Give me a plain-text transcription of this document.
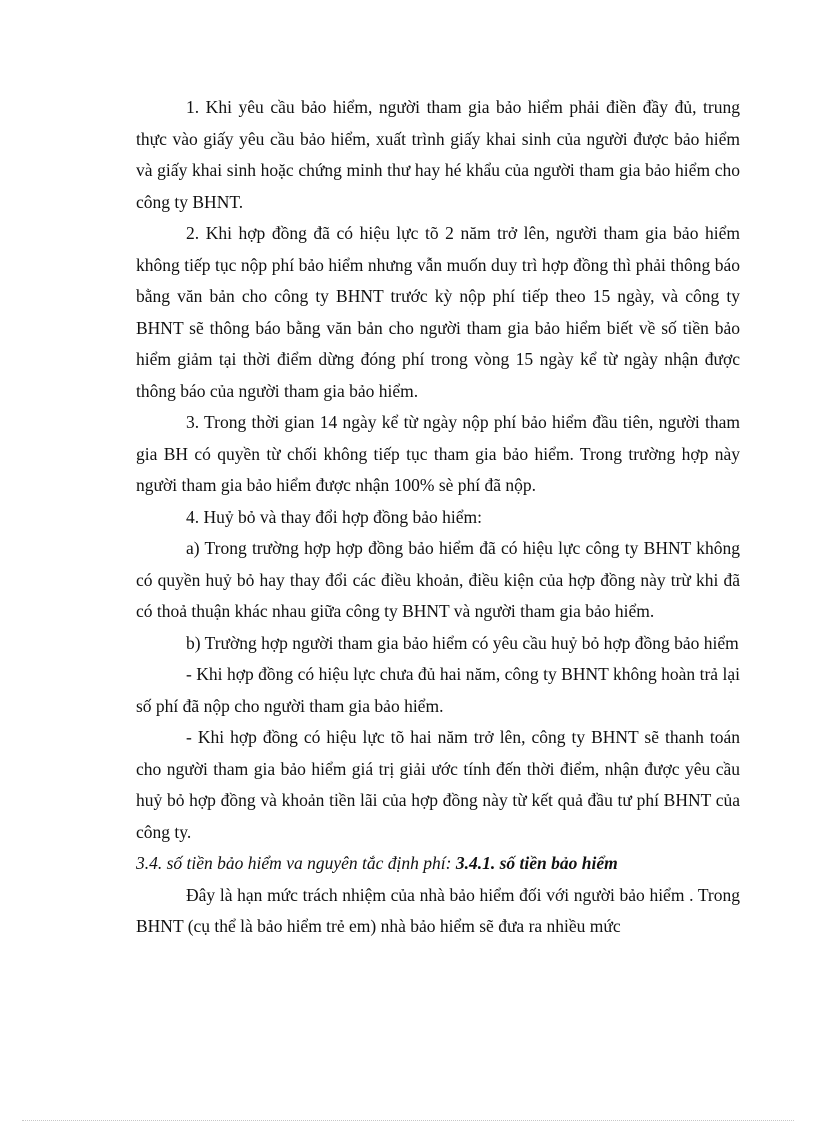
1. Khi yêu cầu bảo hiểm, người tham gia bảo hiểm phải điền đầy đủ, trung thực vào giấy yêu cầu bảo hiểm, xuất trình giấy khai sinh của người được bảo hiểm và giấy khai sinh hoặc chứng minh thư hay hé khẩu của người tham gia bảo hiểm cho công ty BHNT.

2. Khi hợp đồng đã có hiệu lực tõ 2 năm trở lên, người tham gia bảo hiểm không tiếp tục nộp phí bảo hiểm nhưng vẫn muốn duy trì hợp đồng thì phải thông báo bằng văn bản cho công ty BHNT trước kỳ nộp phí tiếp theo 15 ngày, và công ty BHNT sẽ thông báo bằng văn bản cho người tham gia bảo hiểm biết về số tiền bảo hiểm giảm tại thời điểm dừng đóng phí trong vòng 15 ngày kể từ ngày nhận được thông báo của người tham gia bảo hiểm.

3. Trong thời gian 14 ngày kể từ ngày nộp phí bảo hiểm đầu tiên, người tham gia BH có quyền từ chối không tiếp tục tham gia bảo hiểm. Trong trường hợp này người tham gia bảo hiểm được nhận 100% sè phí đã nộp.

4. Huỷ bỏ và thay đổi hợp đồng bảo hiểm:

a) Trong trường hợp hợp đồng bảo hiểm đã có hiệu lực công ty BHNT không có quyền huỷ bỏ hay thay đổi các điều khoản, điều kiện của hợp đồng này trừ khi đã có thoả thuận khác nhau giữa công ty BHNT và người tham gia bảo hiểm.

b) Trường hợp người tham gia bảo hiểm có yêu cầu huỷ bỏ hợp đồng bảo hiểm

- Khi hợp đồng có hiệu lực chưa đủ hai năm, công ty BHNT không hoàn trả lại số phí đã nộp cho người tham gia bảo hiểm.

- Khi hợp đồng có hiệu lực tõ hai năm trở lên, công ty BHNT sẽ thanh toán cho người tham gia bảo hiểm giá trị giải ước tính đến thời điểm, nhận được yêu cầu huỷ bỏ hợp đồng và khoản tiền lãi của hợp đồng này từ kết quả đầu tư phí BHNT của công ty.

3.4. số tiền bảo hiểm va nguyên tắc định phí: 3.4.1. số tiền bảo hiểm

Đây là hạn mức trách nhiệm của nhà bảo hiểm đối với người bảo hiểm . Trong BHNT (cụ thể là bảo hiểm trẻ em) nhà bảo hiểm sẽ đưa ra nhiều mức
